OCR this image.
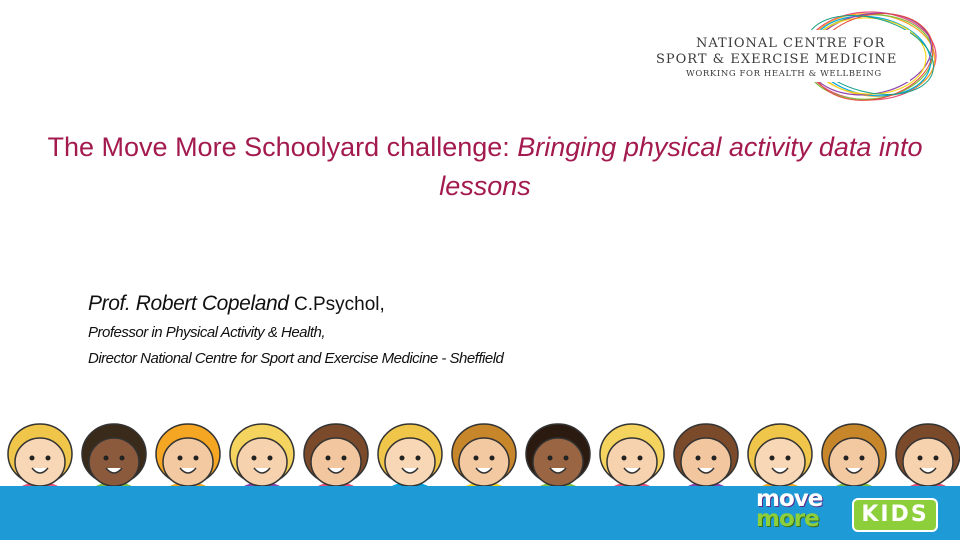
NATIONAL CENTRE FOR
SPORT & EXERCISE MEDICINE
WORKING FOR HEALTH & WELLBEING
The Move More Schoolyard challenge: Bringing physical activity data into lessons
Prof. Robert Copeland C.Psychol,
Professor in Physical Activity & Health,
Director National Centre for Sport and Exercise Medicine - Sheffield
move
more	KIDS
